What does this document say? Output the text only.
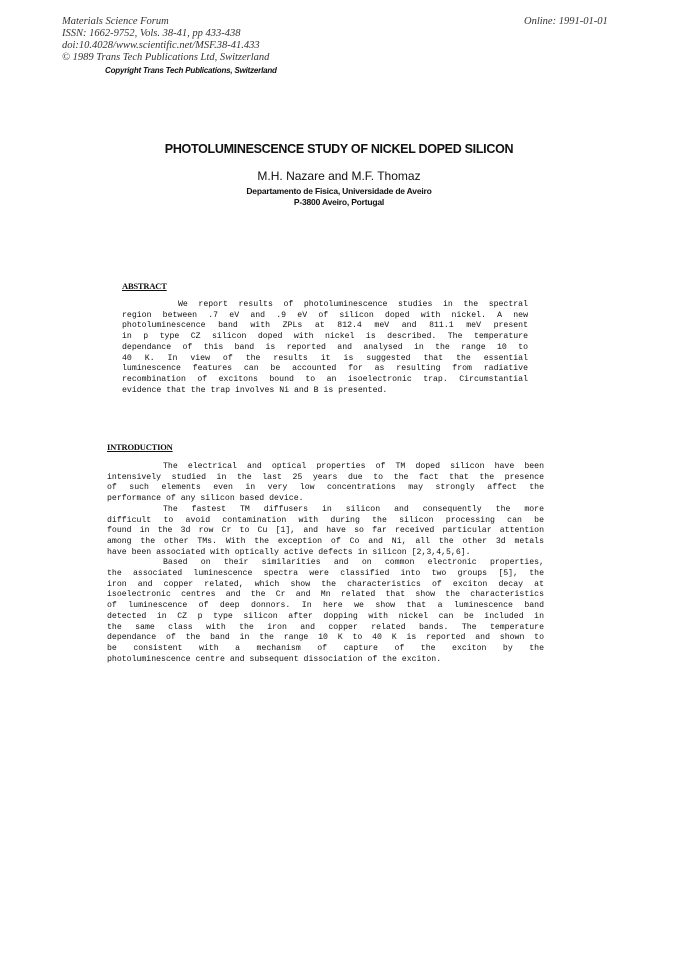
Materials Science Forum
ISSN: 1662-9752, Vols. 38-41, pp 433-438
doi:10.4028/www.scientific.net/MSF.38-41.433
© 1989 Trans Tech Publications Ltd, Switzerland
Online: 1991-01-01
Copyright Trans Tech Publications, Switzerland
PHOTOLUMINESCENCE STUDY OF NICKEL DOPED SILICON
M.H. Nazare and M.F. Thomaz
Departamento de Fisica, Universidade de Aveiro
P-3800 Aveiro, Portugal
ABSTRACT
We report results of photoluminescence studies in the spectral
region between .7 eV and .9 eV of silicon doped with nickel. A new
photoluminescence band with ZPLs at 812.4 meV and 811.1 meV present
in p type CZ silicon doped with nickel is described. The temperature
dependance of this band is reported and analysed in the range 10 to
40 K. In view of the results it is suggested that the essential
luminescence features can be accounted for as resulting from radiative
recombination of excitons bound to an isoelectronic trap. Circumstantial
evidence that the trap involves Ni and B is presented.
INTRODUCTION
The electrical and optical properties of TM doped silicon have been
intensively studied in the last 25 years due to the fact that the presence
of such elements even in very low concentrations may strongly affect the
performance of any silicon based device.
The fastest TM diffusers in silicon and consequently the more
difficult to avoid contamination with during the silicon processing can be
found in the 3d row Cr to Cu [1], and have so far received particular attention
among the other TMs. With the exception of Co and Ni, all the other 3d metals
have been associated with optically active defects in silicon [2,3,4,5,6].
Based on their similarities and on common electronic properties,
the associated luminescence spectra were classified into two groups [5], the
iron and copper related, which show the characteristics of exciton decay at
isoelectronic centres and the Cr and Mn related that show the characteristics
of luminescence of deep donnors. In here we show that a luminescence band
detected in CZ p type silicon after dopping with nickel can be included in
the same class with the iron and copper related bands. The temperature
dependance of the band in the range 10 K to 40 K is reported and shown to
be consistent with a mechanism of capture of the exciton by the
photoluminescence centre and subsequent dissociation of the exciton.
